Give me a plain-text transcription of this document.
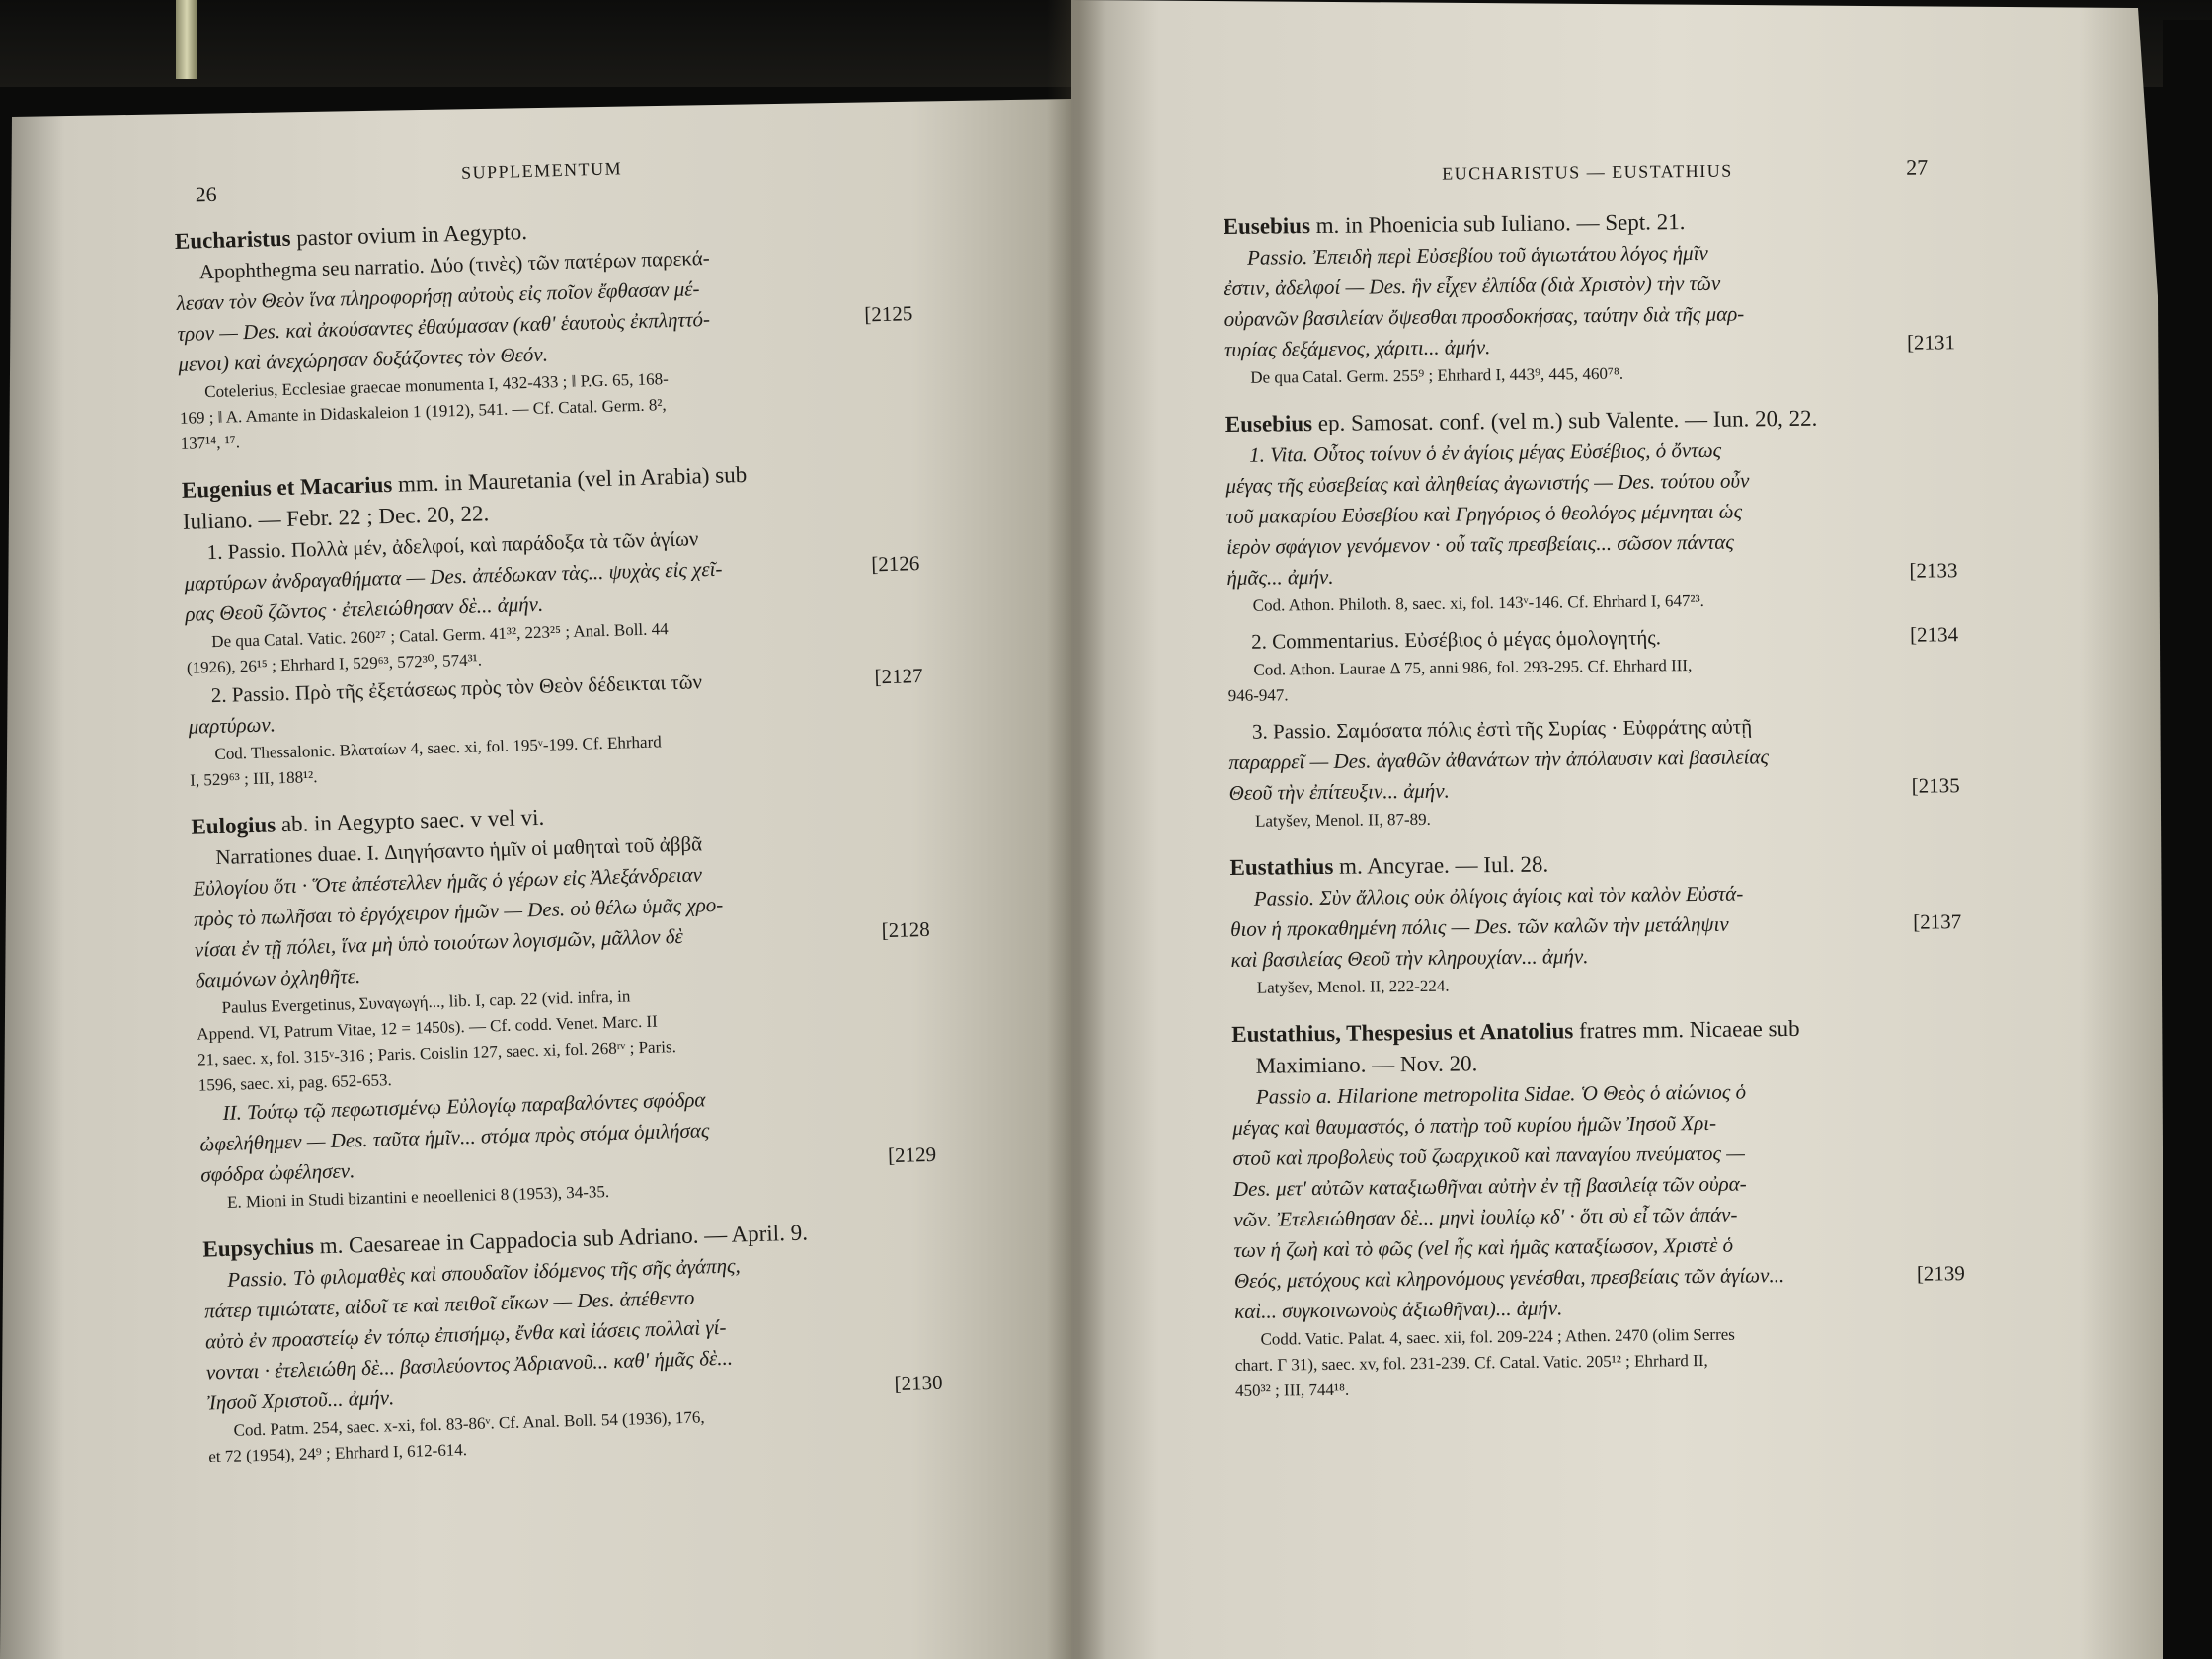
26
SUPPLEMENTUM
Eucharistus pastor ovium in Aegypto.
Apophthegma seu narratio. Δύο (τινὲς) τῶν πατέρων παρεκά-
λεσαν τὸν Θεὸν ἵνα πληροφορήσῃ αὐτοὺς εἰς ποῖον ἔφθασαν μέ-
τρον — Des. καὶ ἀκούσαντες ἐθαύμασαν (καθ' ἑαυτοὺς ἐκπληττό-	[2125
μενοι) καὶ ἀνεχώρησαν δοξάζοντες τὸν Θεόν.
Cotelerius, Ecclesiae graecae monumenta I, 432-433 ; ‖ P.G. 65, 168-
169 ; ‖ A. Amante in Didaskaleion 1 (1912), 541. — Cf. Catal. Germ. 8²,
137¹⁴, ¹⁷.
Eugenius et Macarius mm. in Mauretania (vel in Arabia) sub
Iuliano. — Febr. 22 ; Dec. 20, 22.
1. Passio. Πολλὰ μέν, ἀδελφοί, καὶ παράδοξα τὰ τῶν ἁγίων
μαρτύρων ἀνδραγαθήματα — Des. ἀπέδωκαν τὰς... ψυχὰς εἰς χεῖ-	[2126
ρας Θεοῦ ζῶντος · ἐτελειώθησαν δὲ... ἀμήν.
De qua Catal. Vatic. 260²⁷ ; Catal. Germ. 41³², 223²⁵ ; Anal. Boll. 44
(1926), 26¹⁵ ; Ehrhard I, 529⁶³, 572³⁰, 574³¹.
2. Passio. Πρὸ τῆς ἐξετάσεως πρὸς τὸν Θεὸν δέδεικται τῶν	[2127
μαρτύρων.
Cod. Thessalonic. Βλαταίων 4, saec. xi, fol. 195ᵛ-199. Cf. Ehrhard
I, 529⁶³ ; III, 188¹².
Eulogius ab. in Aegypto saec. v vel vi.
Narrationes duae. I. Διηγήσαντο ἡμῖν οἱ μαθηταὶ τοῦ ἀββᾶ
Εὐλογίου ὅτι · Ὅτε ἀπέστελλεν ἡμᾶς ὁ γέρων εἰς Ἀλεξάνδρειαν
πρὸς τὸ πωλῆσαι τὸ ἐργόχειρον ἡμῶν — Des. οὐ θέλω ὑμᾶς χρο-
νίσαι ἐν τῇ πόλει, ἵνα μὴ ὑπὸ τοιούτων λογισμῶν, μᾶλλον δὲ	[2128
δαιμόνων ὀχληθῆτε.
Paulus Evergetinus, Συναγωγή..., lib. I, cap. 22 (vid. infra, in
Append. VI, Patrum Vitae, 12 = 1450s). — Cf. codd. Venet. Marc. II
21, saec. x, fol. 315ᵛ-316 ; Paris. Coislin 127, saec. xi, fol. 268ʳᵛ ; Paris.
1596, saec. xi, pag. 652-653.
II. Τούτῳ τῷ πεφωτισμένῳ Εὐλογίῳ παραβαλόντες σφόδρα
ὠφελήθημεν — Des. ταῦτα ἡμῖν... στόμα πρὸς στόμα ὁμιλήσας
σφόδρα ὠφέλησεν.
[2129
E. Mioni in Studi bizantini e neoellenici 8 (1953), 34-35.
Eupsychius m. Caesareae in Cappadocia sub Adriano. — April. 9.
Passio. Τὸ φιλομαθὲς καὶ σπουδαῖον ἰδόμενος τῆς σῆς ἀγάπης,
πάτερ τιμιώτατε, αἰδοῖ τε καὶ πειθοῖ εἴκων — Des. ἀπέθεντο
αὐτὸ ἐν προαστείῳ ἐν τόπῳ ἐπισήμῳ, ἔνθα καὶ ἰάσεις πολλαὶ γί-
νονται · ἐτελειώθη δὲ... βασιλεύοντος Ἀδριανοῦ... καθ' ἡμᾶς δὲ...
Ἰησοῦ Χριστοῦ... ἀμήν.
[2130
Cod. Patm. 254, saec. x-xi, fol. 83-86ᵛ. Cf. Anal. Boll. 54 (1936), 176,
et 72 (1954), 24⁹ ; Ehrhard I, 612-614.
EUCHARISTUS — EUSTATHIUS	27
Eusebius m. in Phoenicia sub Iuliano. — Sept. 21.
Passio. Ἐπειδὴ περὶ Εὐσεβίου τοῦ ἁγιωτάτου λόγος ἡμῖν
ἐστιν, ἀδελφοί — Des. ἣν εἶχεν ἐλπίδα (διὰ Χριστὸν) τὴν τῶν
οὐρανῶν βασιλείαν ὄψεσθαι προσδοκήσας, ταύτην διὰ τῆς μαρ-
τυρίας δεξάμενος, χάριτι... ἀμήν.	[2131
De qua Catal. Germ. 255⁹ ; Ehrhard I, 443⁹, 445, 460⁷⁸.
Eusebius ep. Samosat. conf. (vel m.) sub Valente. — Iun. 20, 22.
1. Vita. Οὗτος τοίνυν ὁ ἐν ἁγίοις μέγας Εὐσέβιος, ὁ ὄντως
μέγας τῆς εὐσεβείας καὶ ἀληθείας ἀγωνιστής — Des. τούτου οὖν
τοῦ μακαρίου Εὐσεβίου καὶ Γρηγόριος ὁ θεολόγος μέμνηται ὡς
ἱερὸν σφάγιον γενόμενον · οὗ ταῖς πρεσβείαις... σῶσον πάντας
ἡμᾶς... ἀμήν.	[2133
Cod. Athon. Philoth. 8, saec. xi, fol. 143ᵛ-146. Cf. Ehrhard I, 647²³.
2. Commentarius. Εὐσέβιος ὁ μέγας ὁμολογητής.	[2134
Cod. Athon. Laurae Δ 75, anni 986, fol. 293-295. Cf. Ehrhard III,
946-947.
3. Passio. Σαμόσατα πόλις ἐστὶ τῆς Συρίας · Εὐφράτης αὐτῇ
παραρρεῖ — Des. ἀγαθῶν ἀθανάτων τὴν ἀπόλαυσιν καὶ βασιλείας
Θεοῦ τὴν ἐπίτευξιν... ἀμήν.	[2135
Latyšev, Menol. II, 87-89.
Eustathius m. Ancyrae. — Iul. 28.
Passio. Σὺν ἄλλοις οὐκ ὀλίγοις ἁγίοις καὶ τὸν καλὸν Εὐστά-
θιον ἡ προκαθημένη πόλις — Des. τῶν καλῶν τὴν μετάληψιν	[2137
καὶ βασιλείας Θεοῦ τὴν κληρουχίαν... ἀμήν.
Latyšev, Menol. II, 222-224.
Eustathius, Thespesius et Anatolius fratres mm. Nicaeae sub
Maximiano. — Nov. 20.
Passio a. Hilarione metropolita Sidae. Ὁ Θεὸς ὁ αἰώνιος ὁ
μέγας καὶ θαυμαστός, ὁ πατὴρ τοῦ κυρίου ἡμῶν Ἰησοῦ Χρι-
στοῦ καὶ προβολεὺς τοῦ ζωαρχικοῦ καὶ παναγίου πνεύματος —
Des. μετ' αὐτῶν καταξιωθῆναι αὐτὴν ἐν τῇ βασιλείᾳ τῶν οὐρα-
νῶν. Ἐτελειώθησαν δὲ... μηνὶ ἰουλίῳ κδ' · ὅτι σὺ εἶ τῶν ἁπάν-
των ἡ ζωὴ καὶ τὸ φῶς (vel ἧς καὶ ἡμᾶς καταξίωσον, Χριστὲ ὁ
Θεός, μετόχους καὶ κληρονόμους γενέσθαι, πρεσβείαις τῶν ἁγίων...	[2139
καὶ... συγκοινωνοὺς ἀξιωθῆναι)... ἀμήν.
Codd. Vatic. Palat. 4, saec. xii, fol. 209-224 ; Athen. 2470 (olim Serres
chart. Γ 31), saec. xv, fol. 231-239. Cf. Catal. Vatic. 205¹² ; Ehrhard II,
450³² ; III, 744¹⁸.
